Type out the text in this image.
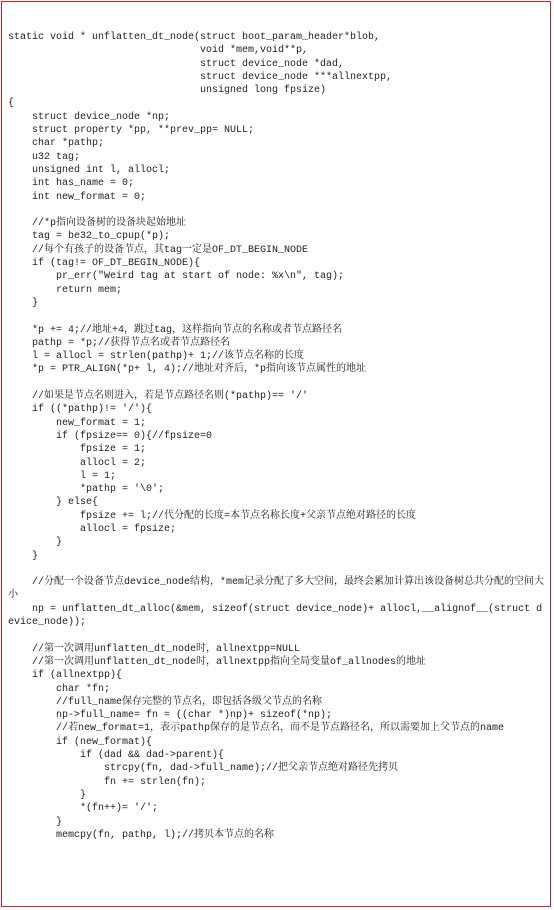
static void * unflatten_dt_node(struct boot_param_header*blob,
void *mem,void**p,
struct device_node *dad,
struct device_node ***allnextpp,
unsigned long fpsize)
{
struct device_node *np;
struct property *pp, **prev_pp= NULL;
char *pathp;
u32 tag;
unsigned int l, allocl;
int has_name = 0;
int new_format = 0;
//*p指向设备树的设备块起始地址
tag = be32_to_cpup(*p);
//每个有孩子的设备节点，其tag一定是OF_DT_BEGIN_NODE
if (tag!= OF_DT_BEGIN_NODE){
pr_err("Weird tag at start of node: %x\n", tag);
return mem;
}
*p += 4;//地址+4，跳过tag，这样指向节点的名称或者节点路径名
pathp = *p;//获得节点名或者节点路径名
l = allocl = strlen(pathp)+ 1;//该节点名称的长度
*p = PTR_ALIGN(*p+ l, 4);//地址对齐后，*p指向该节点属性的地址
//如果是节点名则进入，若是节点路径名则(*pathp)== '/'
if ((*pathp)!= '/'){
new_format = 1;
if (fpsize== 0){//fpsize=0
fpsize = 1;
allocl = 2;
l = 1;
*pathp = '\0';
} else{
fpsize += l;//代分配的长度=本节点名称长度+父亲节点绝对路径的长度
allocl = fpsize;
}
}
//分配一个设备节点device_node结构，*mem记录分配了多大空间，最终会累加计算出该设备树总共分配的空间大小
np = unflatten_dt_alloc(&mem, sizeof(struct device_node)+ allocl,__alignof__(struct device_node));
//第一次调用unflatten_dt_node时，allnextpp=NULL
//第一次调用unflatten_dt_node时，allnextpp指向全局变量of_allnodes的地址
if (allnextpp){
char *fn;
//full_name保存完整的节点名，即包括各级父节点的名称
np->full_name= fn = ((char *)np)+ sizeof(*np);
//若new_format=1，表示pathp保存的是节点名，而不是节点路径名，所以需要加上父节点的name
if (new_format){
if (dad && dad->parent){
strcpy(fn, dad->full_name);//把父亲节点绝对路径先拷贝
fn += strlen(fn);
}
*(fn++)= '/';
}
memcpy(fn, pathp, l);//拷贝本节点的名称
